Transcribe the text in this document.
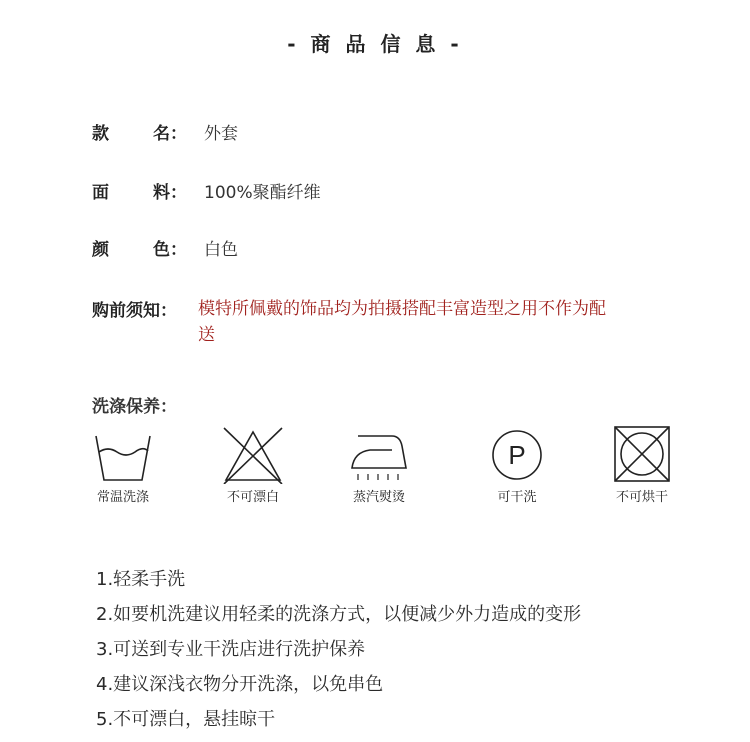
- 商 品 信 息 -
款	名： 外套
面	料： 100%聚酯纤维
颜	色： 白色
购前须知： 模特所佩戴的饰品均为拍摄搭配丰富造型之用不作为配送
洗涤保养：
常温洗涤	不可漂白	蒸汽熨烫
P
可干洗	不可烘干
1.轻柔手洗
2.如要机洗建议用轻柔的洗涤方式，以便减少外力造成的变形
3.可送到专业干洗店进行洗护保养
4.建议深浅衣物分开洗涤，以免串色
5.不可漂白，悬挂晾干
